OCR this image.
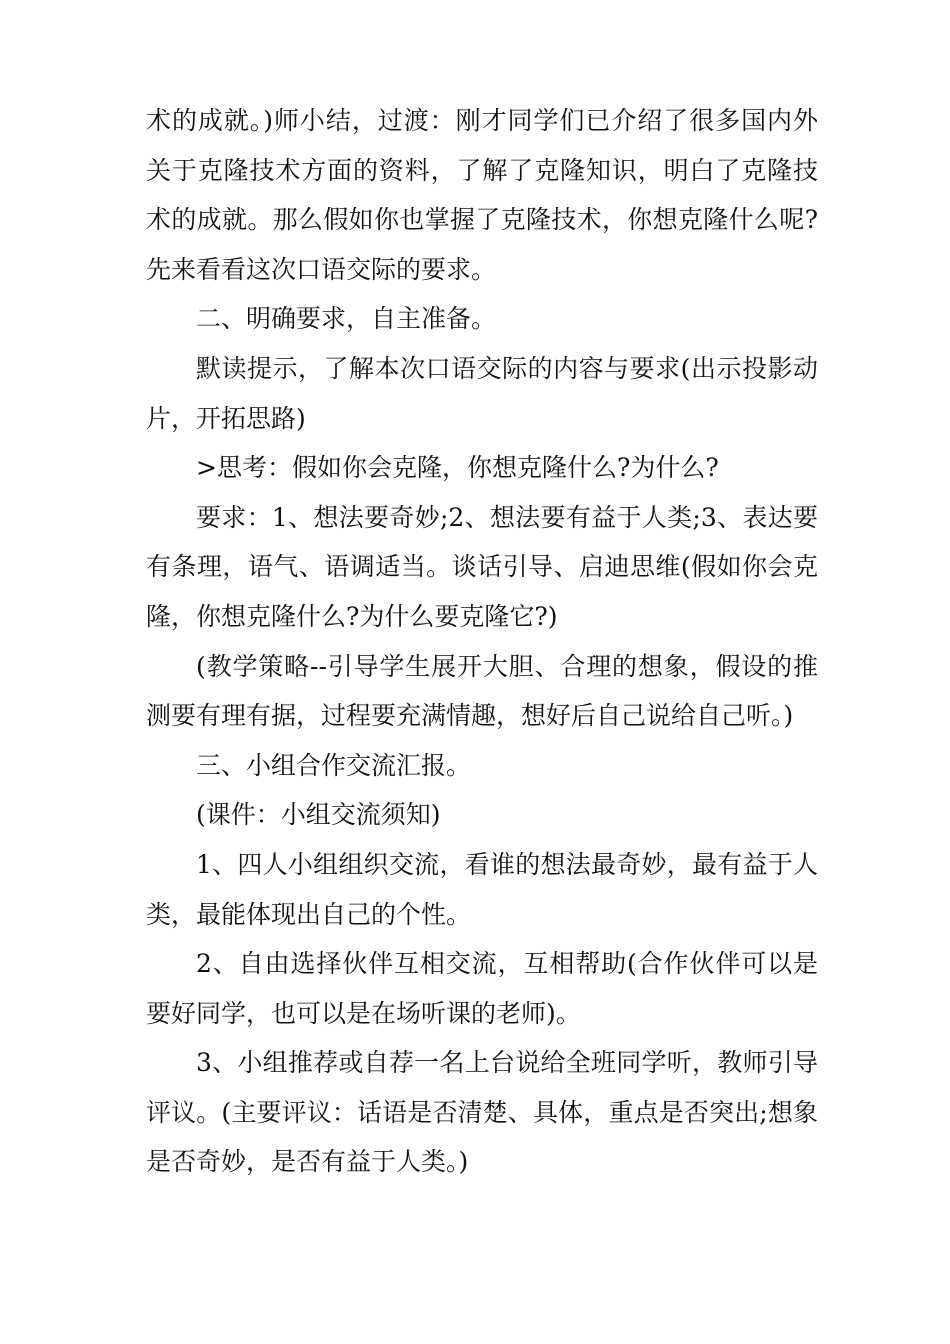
术的成就。)师小结，过渡：刚才同学们已介绍了很多国内外关于克隆技术方面的资料，了解了克隆知识，明白了克隆技术的成就。那么假如你也掌握了克隆技术，你想克隆什么呢?先来看看这次口语交际的要求。

二、明确要求，自主准备。

默读提示，了解本次口语交际的内容与要求(出示投影动片，开拓思路)

>思考：假如你会克隆，你想克隆什么?为什么?

要求：1、想法要奇妙;2、想法要有益于人类;3、表达要有条理，语气、语调适当。谈话引导、启迪思维(假如你会克隆，你想克隆什么?为什么要克隆它?)

(教学策略--引导学生展开大胆、合理的想象，假设的推测要有理有据，过程要充满情趣，想好后自己说给自己听。)

三、小组合作交流汇报。

(课件：小组交流须知)

1、四人小组组织交流，看谁的想法最奇妙，最有益于人类，最能体现出自己的个性。

2、自由选择伙伴互相交流，互相帮助(合作伙伴可以是要好同学，也可以是在场听课的老师)。

3、小组推荐或自荐一名上台说给全班同学听，教师引导评议。(主要评议：话语是否清楚、具体，重点是否突出;想象是否奇妙，是否有益于人类。)
